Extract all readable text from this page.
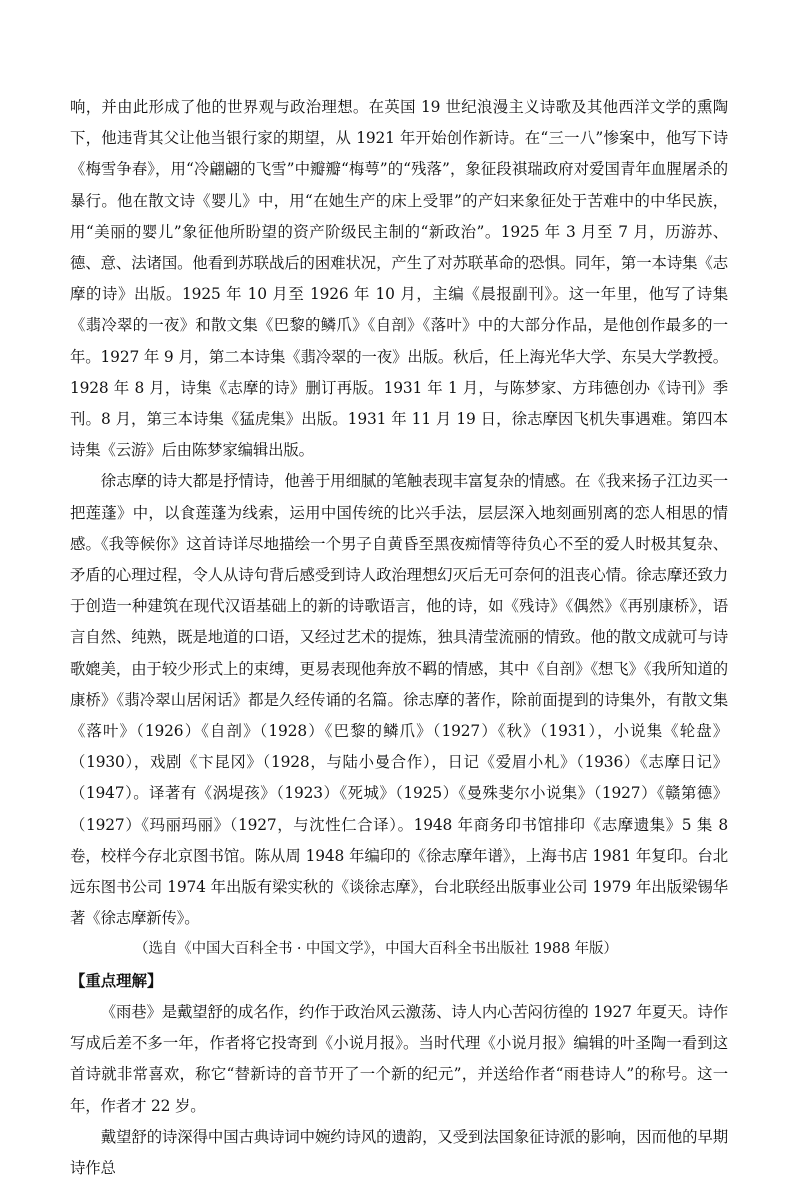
响，并由此形成了他的世界观与政治理想。在英国 19 世纪浪漫主义诗歌及其他西洋文学的熏陶下，他违背其父让他当银行家的期望，从 1921 年开始创作新诗。在“三一八”惨案中，他写下诗《梅雪争春》，用“冷翩翩的飞雪”中瓣瓣“梅萼”的“残落”，象征段祺瑞政府对爱国青年血腥屠杀的暴行。他在散文诗《婴儿》中，用“在她生产的床上受罪”的产妇来象征处于苦难中的中华民族，用“美丽的婴儿”象征他所盼望的资产阶级民主制的“新政治”。1925 年 3 月至 7 月，历游苏、德、意、法诸国。他看到苏联战后的困难状况，产生了对苏联革命的恐惧。同年，第一本诗集《志摩的诗》出版。1925 年 10 月至 1926 年 10 月，主编《晨报副刊》。这一年里，他写了诗集《翡冷翠的一夜》和散文集《巴黎的鳞爪》《自剖》《落叶》中的大部分作品，是他创作最多的一年。1927 年 9 月，第二本诗集《翡冷翠的一夜》出版。秋后，任上海光华大学、东吴大学教授。1928 年 8 月，诗集《志摩的诗》删订再版。1931 年 1 月，与陈梦家、方玮德创办《诗刊》季刊。8 月，第三本诗集《猛虎集》出版。1931 年 11 月 19 日，徐志摩因飞机失事遇难。第四本诗集《云游》后由陈梦家编辑出版。

徐志摩的诗大都是抒情诗，他善于用细腻的笔触表现丰富复杂的情感。在《我来扬子江边买一把莲蓬》中，以食莲蓬为线索，运用中国传统的比兴手法，层层深入地刻画别离的恋人相思的情感。《我等候你》这首诗详尽地描绘一个男子自黄昏至黑夜痴情等待负心不至的爱人时极其复杂、矛盾的心理过程，令人从诗句背后感受到诗人政治理想幻灭后无可奈何的沮丧心情。徐志摩还致力于创造一种建筑在现代汉语基础上的新的诗歌语言，他的诗，如《残诗》《偶然》《再别康桥》，语言自然、纯熟，既是地道的口语，又经过艺术的提炼，独具清莹流丽的情致。他的散文成就可与诗歌媲美，由于较少形式上的束缚，更易表现他奔放不羁的情感，其中《自剖》《想飞》《我所知道的康桥》《翡冷翠山居闲话》都是久经传诵的名篇。徐志摩的著作，除前面提到的诗集外，有散文集《落叶》（1926）《自剖》（1928）《巴黎的鳞爪》（1927）《秋》（1931），小说集《轮盘》（1930），戏剧《卞昆冈》（1928，与陆小曼合作），日记《爱眉小札》（1936）《志摩日记》（1947）。译著有《涡堤孩》（1923）《死城》（1925）《曼殊斐尔小说集》（1927）《赣第德》（1927）《玛丽玛丽》（1927，与沈性仁合译）。1948 年商务印书馆排印《志摩遗集》5 集 8 卷，校样今存北京图书馆。陈从周 1948 年编印的《徐志摩年谱》，上海书店 1981 年复印。台北远东图书公司 1974 年出版有梁实秋的《谈徐志摩》，台北联经出版事业公司 1979 年出版梁锡华著《徐志摩新传》。

（选自《中国大百科全书 · 中国文学》，中国大百科全书出版社 1988 年版）

【重点理解】

《雨巷》是戴望舒的成名作，约作于政治风云激荡、诗人内心苦闷彷徨的 1927 年夏天。诗作写成后差不多一年，作者将它投寄到《小说月报》。当时代理《小说月报》编辑的叶圣陶一看到这首诗就非常喜欢，称它“替新诗的音节开了一个新的纪元”，并送给作者“雨巷诗人”的称号。这一年，作者才 22 岁。

戴望舒的诗深得中国古典诗词中婉约诗风的遗韵，又受到法国象征诗派的影响，因而他的早期诗作总
